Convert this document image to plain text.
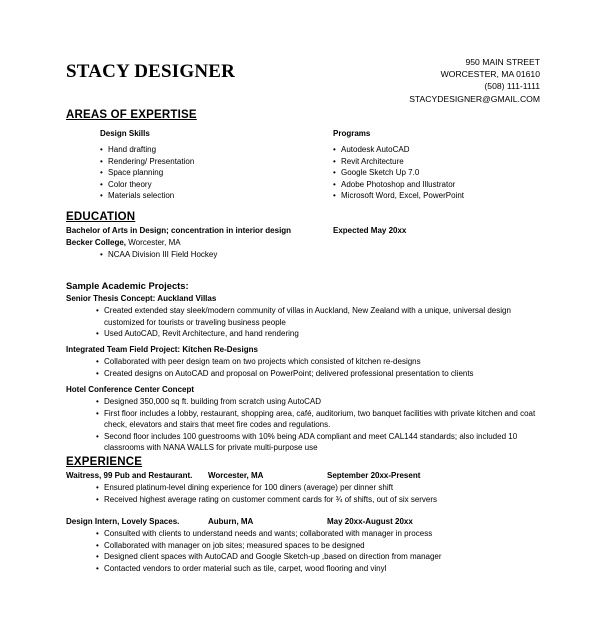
STACY DESIGNER	950 MAIN STREET
WORCESTER, MA 01610
(508) 111-1111
STACYDESIGNER@GMAIL.COM
AREAS OF EXPERTISE
Design Skills
• Hand drafting
• Rendering/ Presentation
• Space planning
• Color theory
• Materials selection
Programs
• Autodesk AutoCAD
• Revit Architecture
• Google Sketch Up 7.0
• Adobe Photoshop and Illustrator
• Microsoft Word, Excel, PowerPoint
EDUCATION
Bachelor of Arts in Design; concentration in interior design	Expected May 20xx
Becker College, Worcester, MA
• NCAA Division III Field Hockey
Sample Academic Projects:
Senior Thesis Concept: Auckland Villas
• Created extended stay sleek/modern community of villas in Auckland, New Zealand with a unique, universal design customized for tourists or traveling business people
• Used AutoCAD, Revit Architecture, and hand rendering
Integrated Team Field Project: Kitchen Re-Designs
• Collaborated with peer design team on two projects which consisted of kitchen re-designs
• Created designs on AutoCAD and proposal on PowerPoint; delivered professional presentation to clients
Hotel Conference Center Concept
• Designed 350,000 sq ft. building from scratch using AutoCAD
• First floor includes a lobby, restaurant, shopping area, café, auditorium, two banquet facilities with private kitchen and coat check, elevators and stairs that meet fire codes and regulations.
• Second floor includes 100 guestrooms with 10% being ADA compliant and meet CAL144 standards; also included 10 classrooms with NANA WALLS for private multi-purpose use
EXPERIENCE
Waitress, 99 Pub and Restaurant. Worcester, MA	September 20xx-Present
• Ensured platinum-level dining experience for 100 diners (average) per dinner shift
• Received highest average rating on customer comment cards for ¾ of shifts, out of six servers
Design Intern, Lovely Spaces.	Auburn, MA	May 20xx-August 20xx
• Consulted with clients to understand needs and wants; collaborated with manager in process
• Collaborated with manager on job sites; measured spaces to be designed
• Designed client spaces with AutoCAD and Google Sketch-up ,based on direction from manager
• Contacted vendors to order material such as tile, carpet, wood flooring and vinyl
